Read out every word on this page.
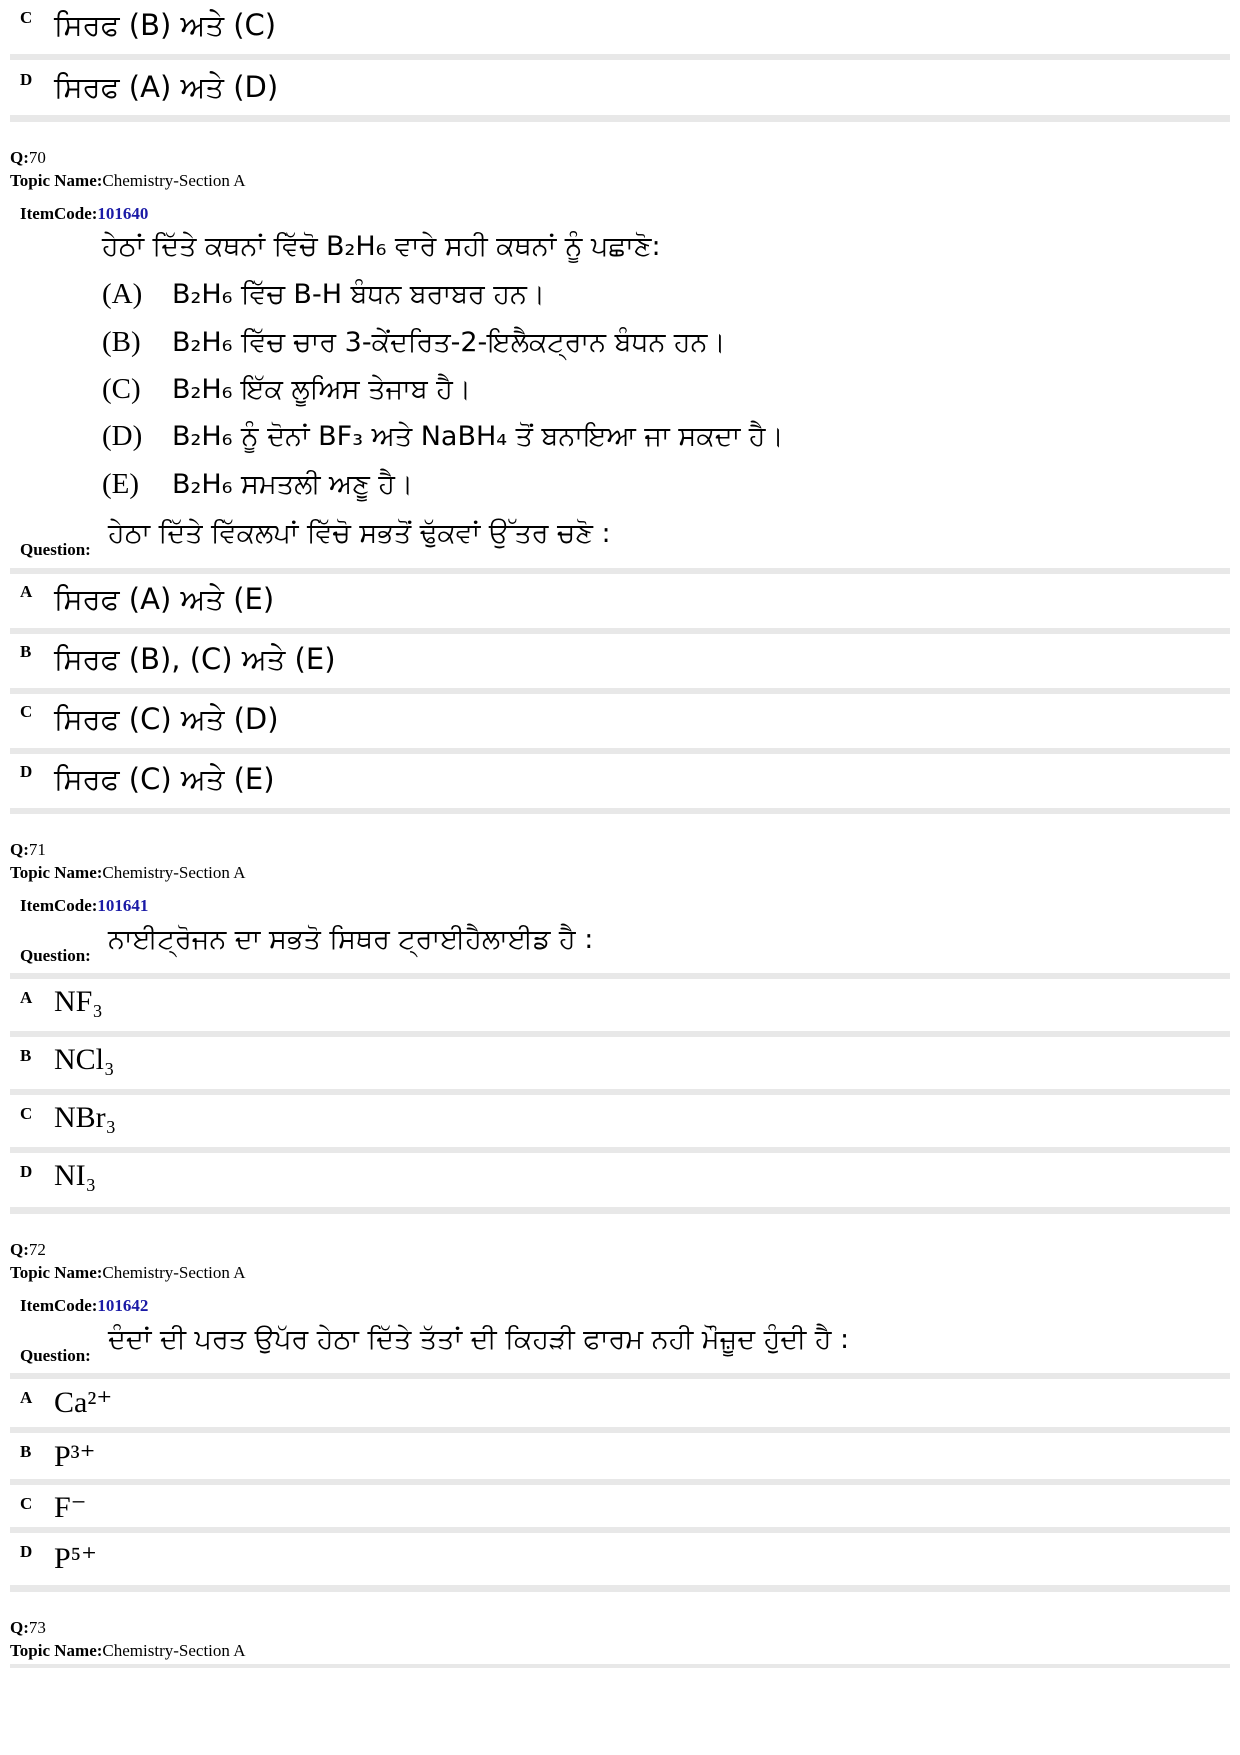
C ਸਿਰਫ (B) ਅਤੇ (C)
D ਸਿਰਫ (A) ਅਤੇ (D)
Q:70
Topic Name:Chemistry-Section A
ItemCode:101640
ਹੇਠਾਂ ਦਿੱਤੇ ਕਥਨਾਂ ਵਿੱਚੋ B₂H₆ ਵਾਰੇ ਸਹੀ ਕਥਨਾਂ ਨੂੰ ਪਛਾਣੋ:
(A) B₂H₆ ਵਿੱਚ B-H ਬੰਧਨ ਬਰਾਬਰ ਹਨ।
(B) B₂H₆ ਵਿੱਚ ਚਾਰ 3-ਕੇਂਦਰਿਤ-2-ਇਲੈਕਟ੍ਰਾਨ ਬੰਧਨ ਹਨ।
(C) B₂H₆ ਇੱਕ ਲੂਅਿਸ ਤੇਜਾਬ ਹੈ।
(D) B₂H₆ ਨੂੰ ਦੋਨਾਂ BF₃ ਅਤੇ NaBH₄ ਤੋਂ ਬਨਾਇਆ ਜਾ ਸਕਦਾ ਹੈ।
(E) B₂H₆ ਸਮਤਲੀ ਅਣੂ ਹੈ।
Question:
ਹੇਠਾ ਦਿੱਤੇ ਵਿੱਕਲਪਾਂ ਵਿੱਚੋ ਸਭਤੋਂ ਢੁੱਕਵਾਂ ਉੱਤਰ ਚਣੋ :
A ਸਿਰਫ (A) ਅਤੇ (E)
B ਸਿਰਫ (B), (C) ਅਤੇ (E)
C ਸਿਰਫ (C) ਅਤੇ (D)
D ਸਿਰਫ (C) ਅਤੇ (E)
Q:71
Topic Name:Chemistry-Section A
ItemCode:101641
Question:
ਨਾਈਟ੍ਰੋਜਨ ਦਾ ਸਭਤੋ ਸਿਥਰ ਟ੍ਰਾਈਹੈਲਾਈਡ ਹੈ :
A NF₃
B NCl₃
C NBr₃
D NI₃
Q:72
Topic Name:Chemistry-Section A
ItemCode:101642
Question:
ਦੰਦਾਂ ਦੀ ਪਰਤ ਉਪੱਰ ਹੇਠਾ ਦਿੱਤੇ ਤੱਤਾਂ ਦੀ ਕਿਹੜੀ ਫਾਰਮ ਨਹੀ ਮੌਜ਼ੂਦ ਹੁੰਦੀ ਹੈ :
A Ca²⁺
B P³⁺
C F⁻
D P⁵⁺
Q:73
Topic Name:Chemistry-Section A
